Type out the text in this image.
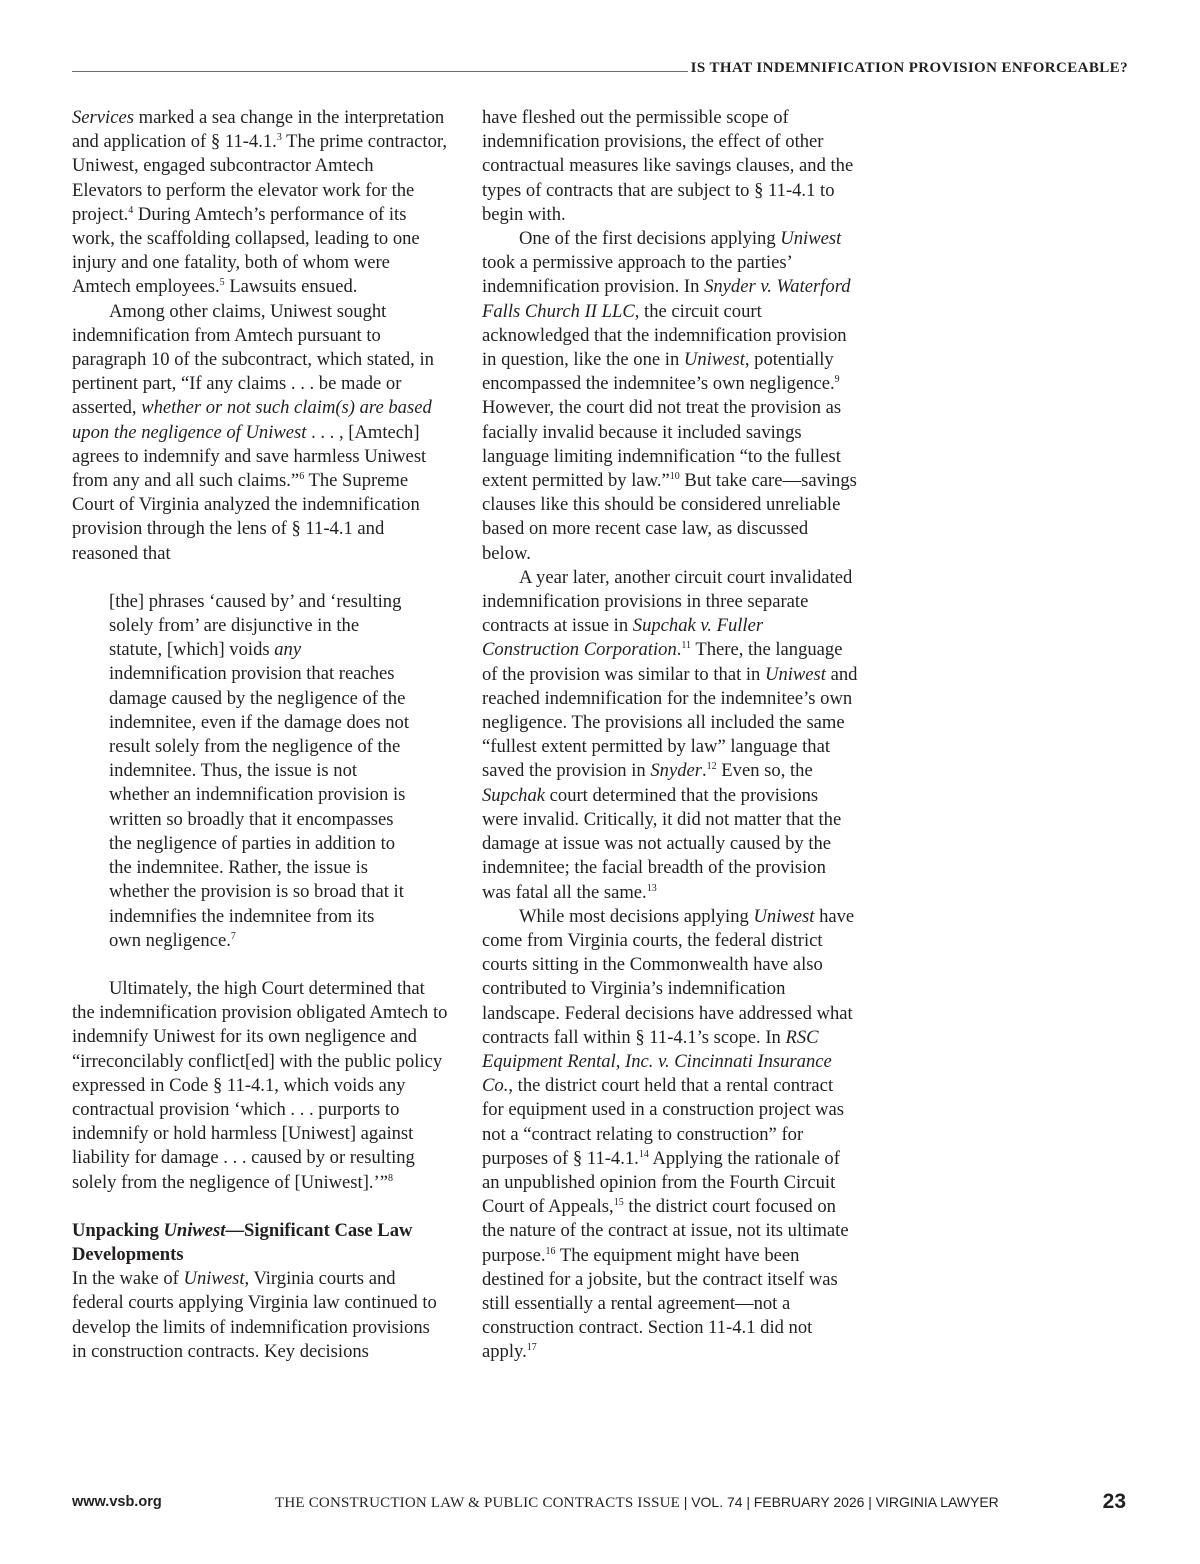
IS THAT INDEMNIFICATION PROVISION ENFORCEABLE?

Services marked a sea change in the interpretation and application of § 11-4.1.$^3$ The prime contractor, Uniwest, engaged subcontractor Amtech Elevators to perform the elevator work for the project.$^4$ During Amtech’s performance of its work, the scaffolding collapsed, leading to one injury and one fatality, both of whom were Amtech employees.$^5$ Lawsuits ensued.

Among other claims, Uniwest sought indemnification from Amtech pursuant to paragraph 10 of the subcontract, which stated, in pertinent part, “If any claims . . . be made or asserted, whether or not such claim(s) are based upon the negligence of Uniwest . . . , [Amtech] agrees to indemnify and save harmless Uniwest from any and all such claims.”$^6$ The Supreme Court of Virginia analyzed the indemnification provision through the lens of § 11-4.1 and reasoned that

[the] phrases ‘caused by’ and ‘resulting solely from’ are disjunctive in the statute, [which] voids any indemnification provision that reaches damage caused by the negligence of the indemnitee, even if the damage does not result solely from the negligence of the indemnitee. Thus, the issue is not whether an indemnification provision is written so broadly that it encompasses the negligence of parties in addition to the indemnitee. Rather, the issue is whether the provision is so broad that it indemnifies the indemnitee from its own negligence.$^7$

Ultimately, the high Court determined that the indemnification provision obligated Amtech to indemnify Uniwest for its own negligence and “irreconcilably conflict[ed] with the public policy expressed in Code § 11-4.1, which voids any contractual provision ‘which . . . purports to indemnify or hold harmless [Uniwest] against liability for damage . . . caused by or resulting solely from the negligence of [Uniwest].’”$^8$

Unpacking Uniwest—Significant Case Law Developments

In the wake of Uniwest, Virginia courts and federal courts applying Virginia law continued to develop the limits of indemnification provisions in construction contracts. Key decisions

have fleshed out the permissible scope of indemnification provisions, the effect of other contractual measures like savings clauses, and the types of contracts that are subject to § 11-4.1 to begin with.

One of the first decisions applying Uniwest took a permissive approach to the parties’ indemnification provision. In Snyder v. Waterford Falls Church II LLC, the circuit court acknowledged that the indemnification provision in question, like the one in Uniwest, potentially encompassed the indemnitee’s own negligence.$^9$ However, the court did not treat the provision as facially invalid because it included savings language limiting indemnification “to the fullest extent permitted by law.”$^{10}$ But take care—savings clauses like this should be considered unreliable based on more recent case law, as discussed below.

A year later, another circuit court invalidated indemnification provisions in three separate contracts at issue in Supchak v. Fuller Construction Corporation.$^{11}$ There, the language of the provision was similar to that in Uniwest and reached indemnification for the indemnitee’s own negligence. The provisions all included the same “fullest extent permitted by law” language that saved the provision in Snyder.$^{12}$ Even so, the Supchak court determined that the provisions were invalid. Critically, it did not matter that the damage at issue was not actually caused by the indemnitee; the facial breadth of the provision was fatal all the same.$^{13}$

While most decisions applying Uniwest have come from Virginia courts, the federal district courts sitting in the Commonwealth have also contributed to Virginia’s indemnification landscape. Federal decisions have addressed what contracts fall within § 11-4.1’s scope. In RSC Equipment Rental, Inc. v. Cincinnati Insurance Co., the district court held that a rental contract for equipment used in a construction project was not a “contract relating to construction” for purposes of § 11-4.1.14 Applying the rationale of an unpublished opinion from the Fourth Circuit Court of Appeals,$^{15}$ the district court focused on the nature of the contract at issue, not its ultimate purpose.$^{16}$ The equipment might have been destined for a jobsite, but the contract itself was still essentially a rental agreement—not a construction contract. Section 11-4.1 did not apply.$^{17}$

www.vsb.org	THE CONSTRUCTION LAW & PUBLIC CONTRACTS ISSUE | VOL. 74 | FEBRUARY 2026 | VIRGINIA LAWYER	23
